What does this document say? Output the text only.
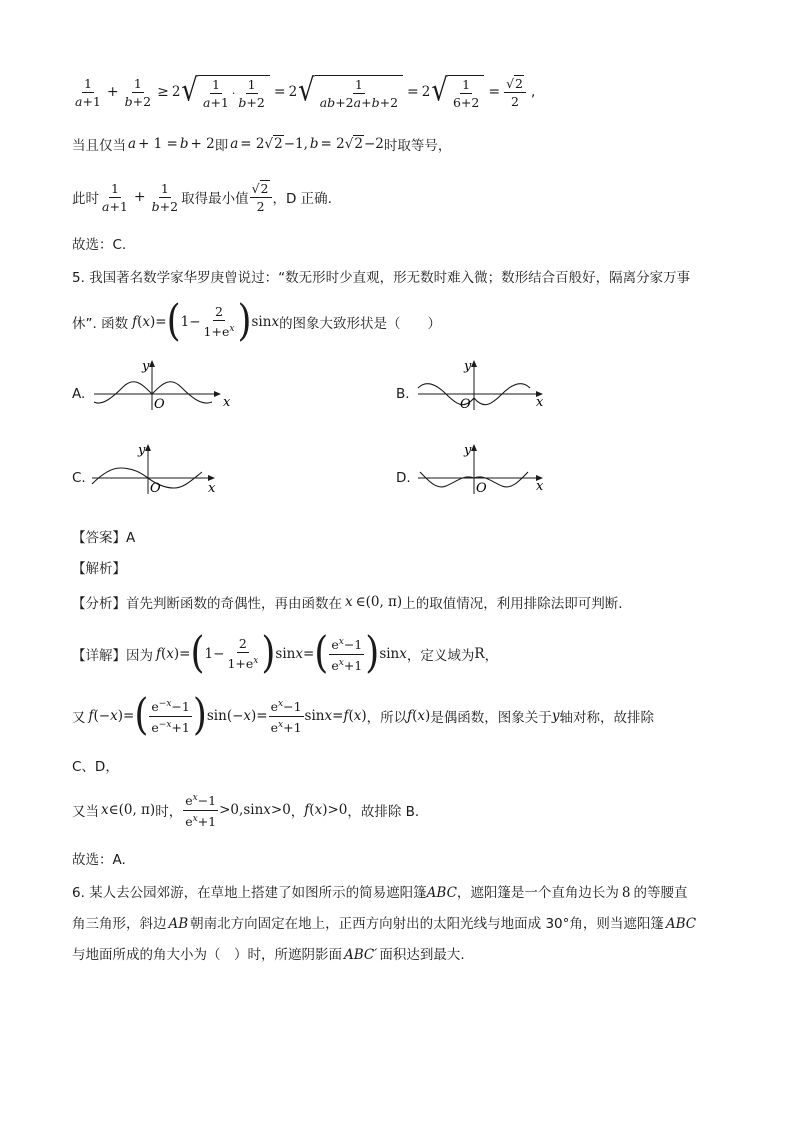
$\frac{1}{a+1} + \frac{1}{b+2} \ge 2$ √ $\frac{1}{a+1} \cdot \frac{1}{b+2} = 2$ √ $\frac{1}{ab+2a+b+2} = 2$ √ $\frac{1}{6+2} = \frac{√2}{2}$ ,
当且仅当 a + 1 = b + 2 即 a = 2√2−1, b = 2√2−2 时取等号，
此时 $\frac{1}{a+1} + \frac{1}{b+2}$ 取得最小值 $\frac{√2}{2}$ ，D 正确.
故选：C.
5. 我国著名数学家华罗庚曾说过：“数无形时少直观，形无数时难入微；数形结合百般好，隔离分家万事
休”. 函数 f ( x )= ( $1- \frac{2}{1+e^x}$ ) sin x 的图象大致形状是（　　）
A.
x
y
O
B.
x
y
O
C.
x
y
O
D.
x
y
O
【答案】A
【解析】
【分析】 首先判断函数的奇偶性，再由函数在 x ∈(0, π) 上的取值情况，利用排除法即可判断.
【详解】 因为 f ( x )= ( $1- \frac{2}{1+e^x}$ ) sin x = ( $\frac{e^x-1}{e^x+1}$ ) sin x ，定义域为 R ，
又 f (− x )= ( $\frac{e^{-x}-1}{e^{-x}+1}$ ) sin(− x )= $\frac{e^x-1}{e^x+1}$ sin x = f ( x ) ，所以 f ( x ) 是偶函数，图象关于 y 轴对称，故排除
C、D，
又当 x ∈(0, π) 时， $\frac{e^x-1}{e^x+1} >0,\sin$ x >0 ， f ( x )>0 ，故排除 B.
故选：A.
6. 某人去公园郊游，在草地上搭建了如图所示的简易遮阳篷ABC，遮阳篷是一个直角边长为 8 的等腰直
角三角形，斜边 AB 朝南北方向固定在地上，正西方向射出的太阳光线与地面成 30°角，则当遮阳篷 ABC
与地面所成的角大小为（　）时，所遮阴影面 ABC′ 面积达到最大.
